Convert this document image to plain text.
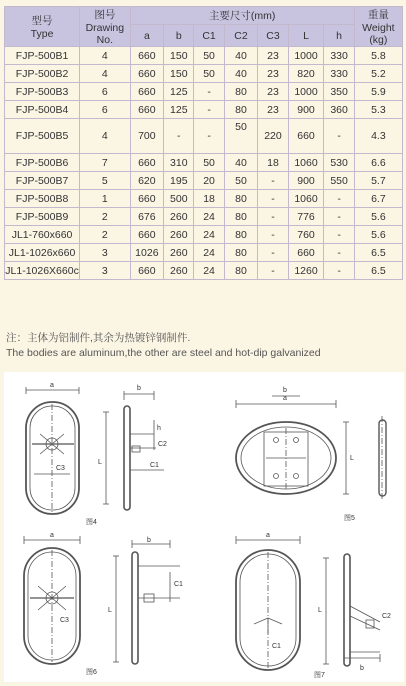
型号
Type	图号
Drawing
No.	主要尺寸(mm)							重量
Weight
(kg)
		a	b	C1	C2	C3	L	h	
FJP-500B1	4	660	150	50	40	23	1000	330	5.8
FJP-500B2	4	660	150	50	40	23	820	330	5.2
FJP-500B3	6	660	125	-	80	23	1000	350	5.9
FJP-500B4	6	660	125	-	80	23	900	360	5.3
FJP-500B5	4	700	-	-	50	220	660	-	4.3
FJP-500B6	7	660	310	50	40	18	1060	530	6.6
FJP-500B7	5	620	195	20	50	-	900	550	5.7
FJP-500B8	1	660	500	18	80	-	1060	-	6.7
FJP-500B9	2	676	260	24	80	-	776	-	5.6
JL1-760x660	2	660	260	24	80	-	760	-	5.6
JL1-1026x660	3	1026	260	24	80	-	660	-	6.5
JL1-1026X660c	3	660	260	24	80	-	1260	-	6.5
注：主体为铝制件,其余为热镀锌钢制件.
The bodies are aluminum,the other are steel and hot-dip galvanized
a
L
b
h
C3	C1
C2
a
b
L
a
L
b
C1
C3
a
L
C2
b
C1
图4
图5
图6	图7
